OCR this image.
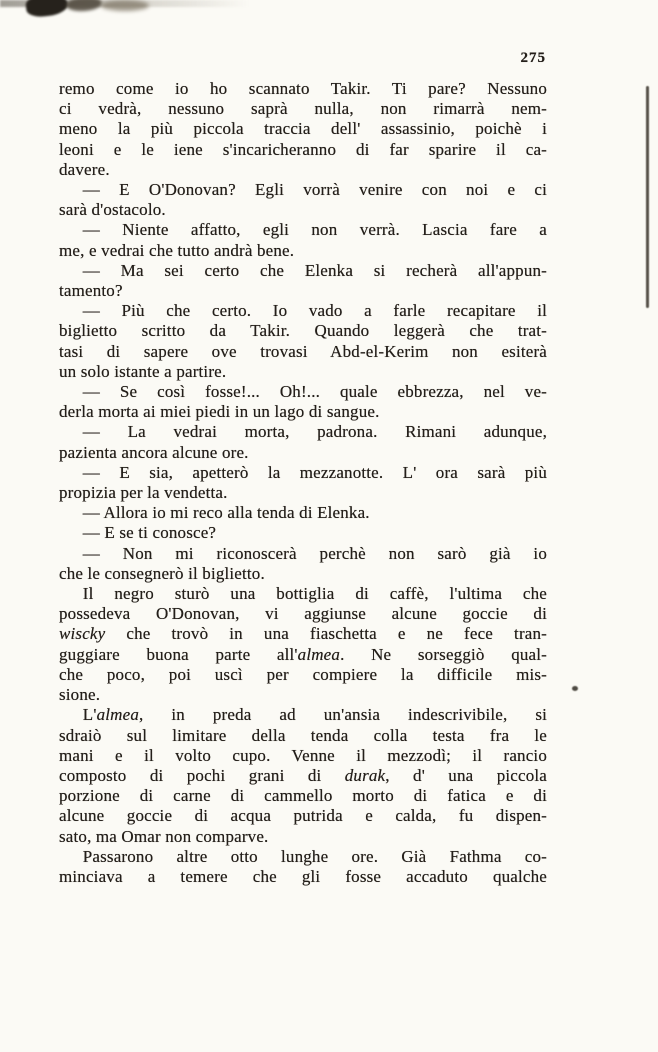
275
remo come io ho scannato Takir. Ti pare? Nessuno
ci vedrà, nessuno saprà nulla, non rimarrà nem-
meno la più piccola traccia dell' assassinio, poichè i
leoni e le iene s'incaricheranno di far sparire il ca-
davere.
— E O'Donovan? Egli vorrà venire con noi e ci
sarà d'ostacolo.
— Niente affatto, egli non verrà. Lascia fare a
me, e vedrai che tutto andrà bene.
— Ma sei certo che Elenka si recherà all'appun-
tamento?
— Più che certo. Io vado a farle recapitare il
biglietto scritto da Takir. Quando leggerà che trat-
tasi di sapere ove trovasi Abd-el-Kerim non esiterà
un solo istante a partire.
— Se così fosse!... Oh!... quale ebbrezza, nel ve-
derla morta ai miei piedi in un lago di sangue.
— La vedrai morta, padrona. Rimani adunque,
pazienta ancora alcune ore.
— E sia, apetterò la mezzanotte. L' ora sarà più
propizia per la vendetta.
— Allora io mi reco alla tenda di Elenka.
— E se ti conosce?
— Non mi riconoscerà perchè non sarò già io
che le consegnerò il biglietto.
Il negro sturò una bottiglia di caffè, l'ultima che
possedeva O'Donovan, vi aggiunse alcune goccie di
wiscky che trovò in una fiaschetta e ne fece tran-
guggiare buona parte all'almea. Ne sorseggiò qual-
che poco, poi uscì per compiere la difficile mis-
sione.
L'almea, in preda ad un'ansia indescrivibile, si
sdraiò sul limitare della tenda colla testa fra le
mani e il volto cupo. Venne il mezzodì; il rancio
composto di pochi grani di durak, d' una piccola
porzione di carne di cammello morto di fatica e di
alcune goccie di acqua putrida e calda, fu dispen-
sato, ma Omar non comparve.
Passarono altre otto lunghe ore. Già Fathma co-
minciava a temere che gli fosse accaduto qualche
